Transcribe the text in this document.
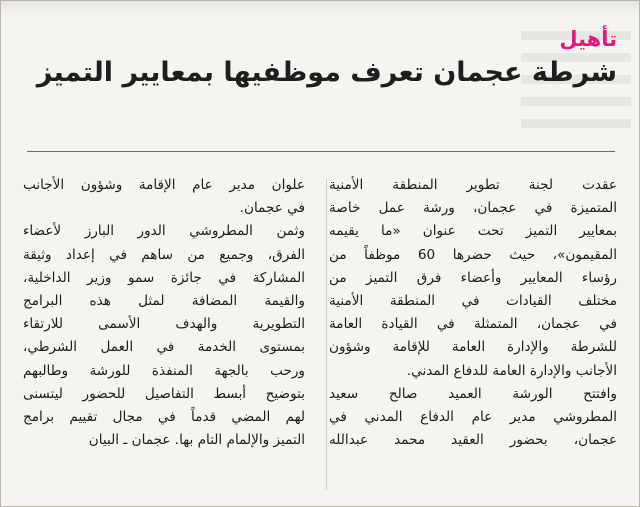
تأهيل
شرطة عجمان تعرف موظفيها بمعايير التميز
عقدت لجنة تطوير المنطقة الأمنية
المتميزة في عجمان، ورشة عمل خاصة
بمعايير التميز تحت عنوان «ما يقيمه
المقيمون»، حيث حضرها 60 موظفاً من
رؤساء المعايير وأعضاء فرق التميز من
مختلف القيادات في المنطقة الأمنية
في عجمان، المتمثلة في القيادة العامة
للشرطة والإدارة العامة للإقامة وشؤون
الأجانب والإدارة العامة للدفاع المدني.
وافتتح الورشة العميد صالح سعيد
المطروشي مدير عام الدفاع المدني في
عجمان، بحضور العقيد محمد عبدالله
علوان مدير عام الإقامة وشؤون الأجانب
في عجمان.
وثمن المطروشي الدور البارز لأعضاء
الفرق، وجميع من ساهم في إعداد وثيقة
المشاركة في جائزة سمو وزير الداخلية،
والقيمة المضافة لمثل هذه البرامج
التطويرية والهدف الأسمى للارتقاء
بمستوى الخدمة في العمل الشرطي،
ورحب بالجهة المنفذة للورشة وطالبهم
بتوضيح أبسط التفاصيل للحضور ليتسنى
لهم المضي قدماً في مجال تقييم برامج
التميز والإلمام التام بها. عجمان ـ البيان
